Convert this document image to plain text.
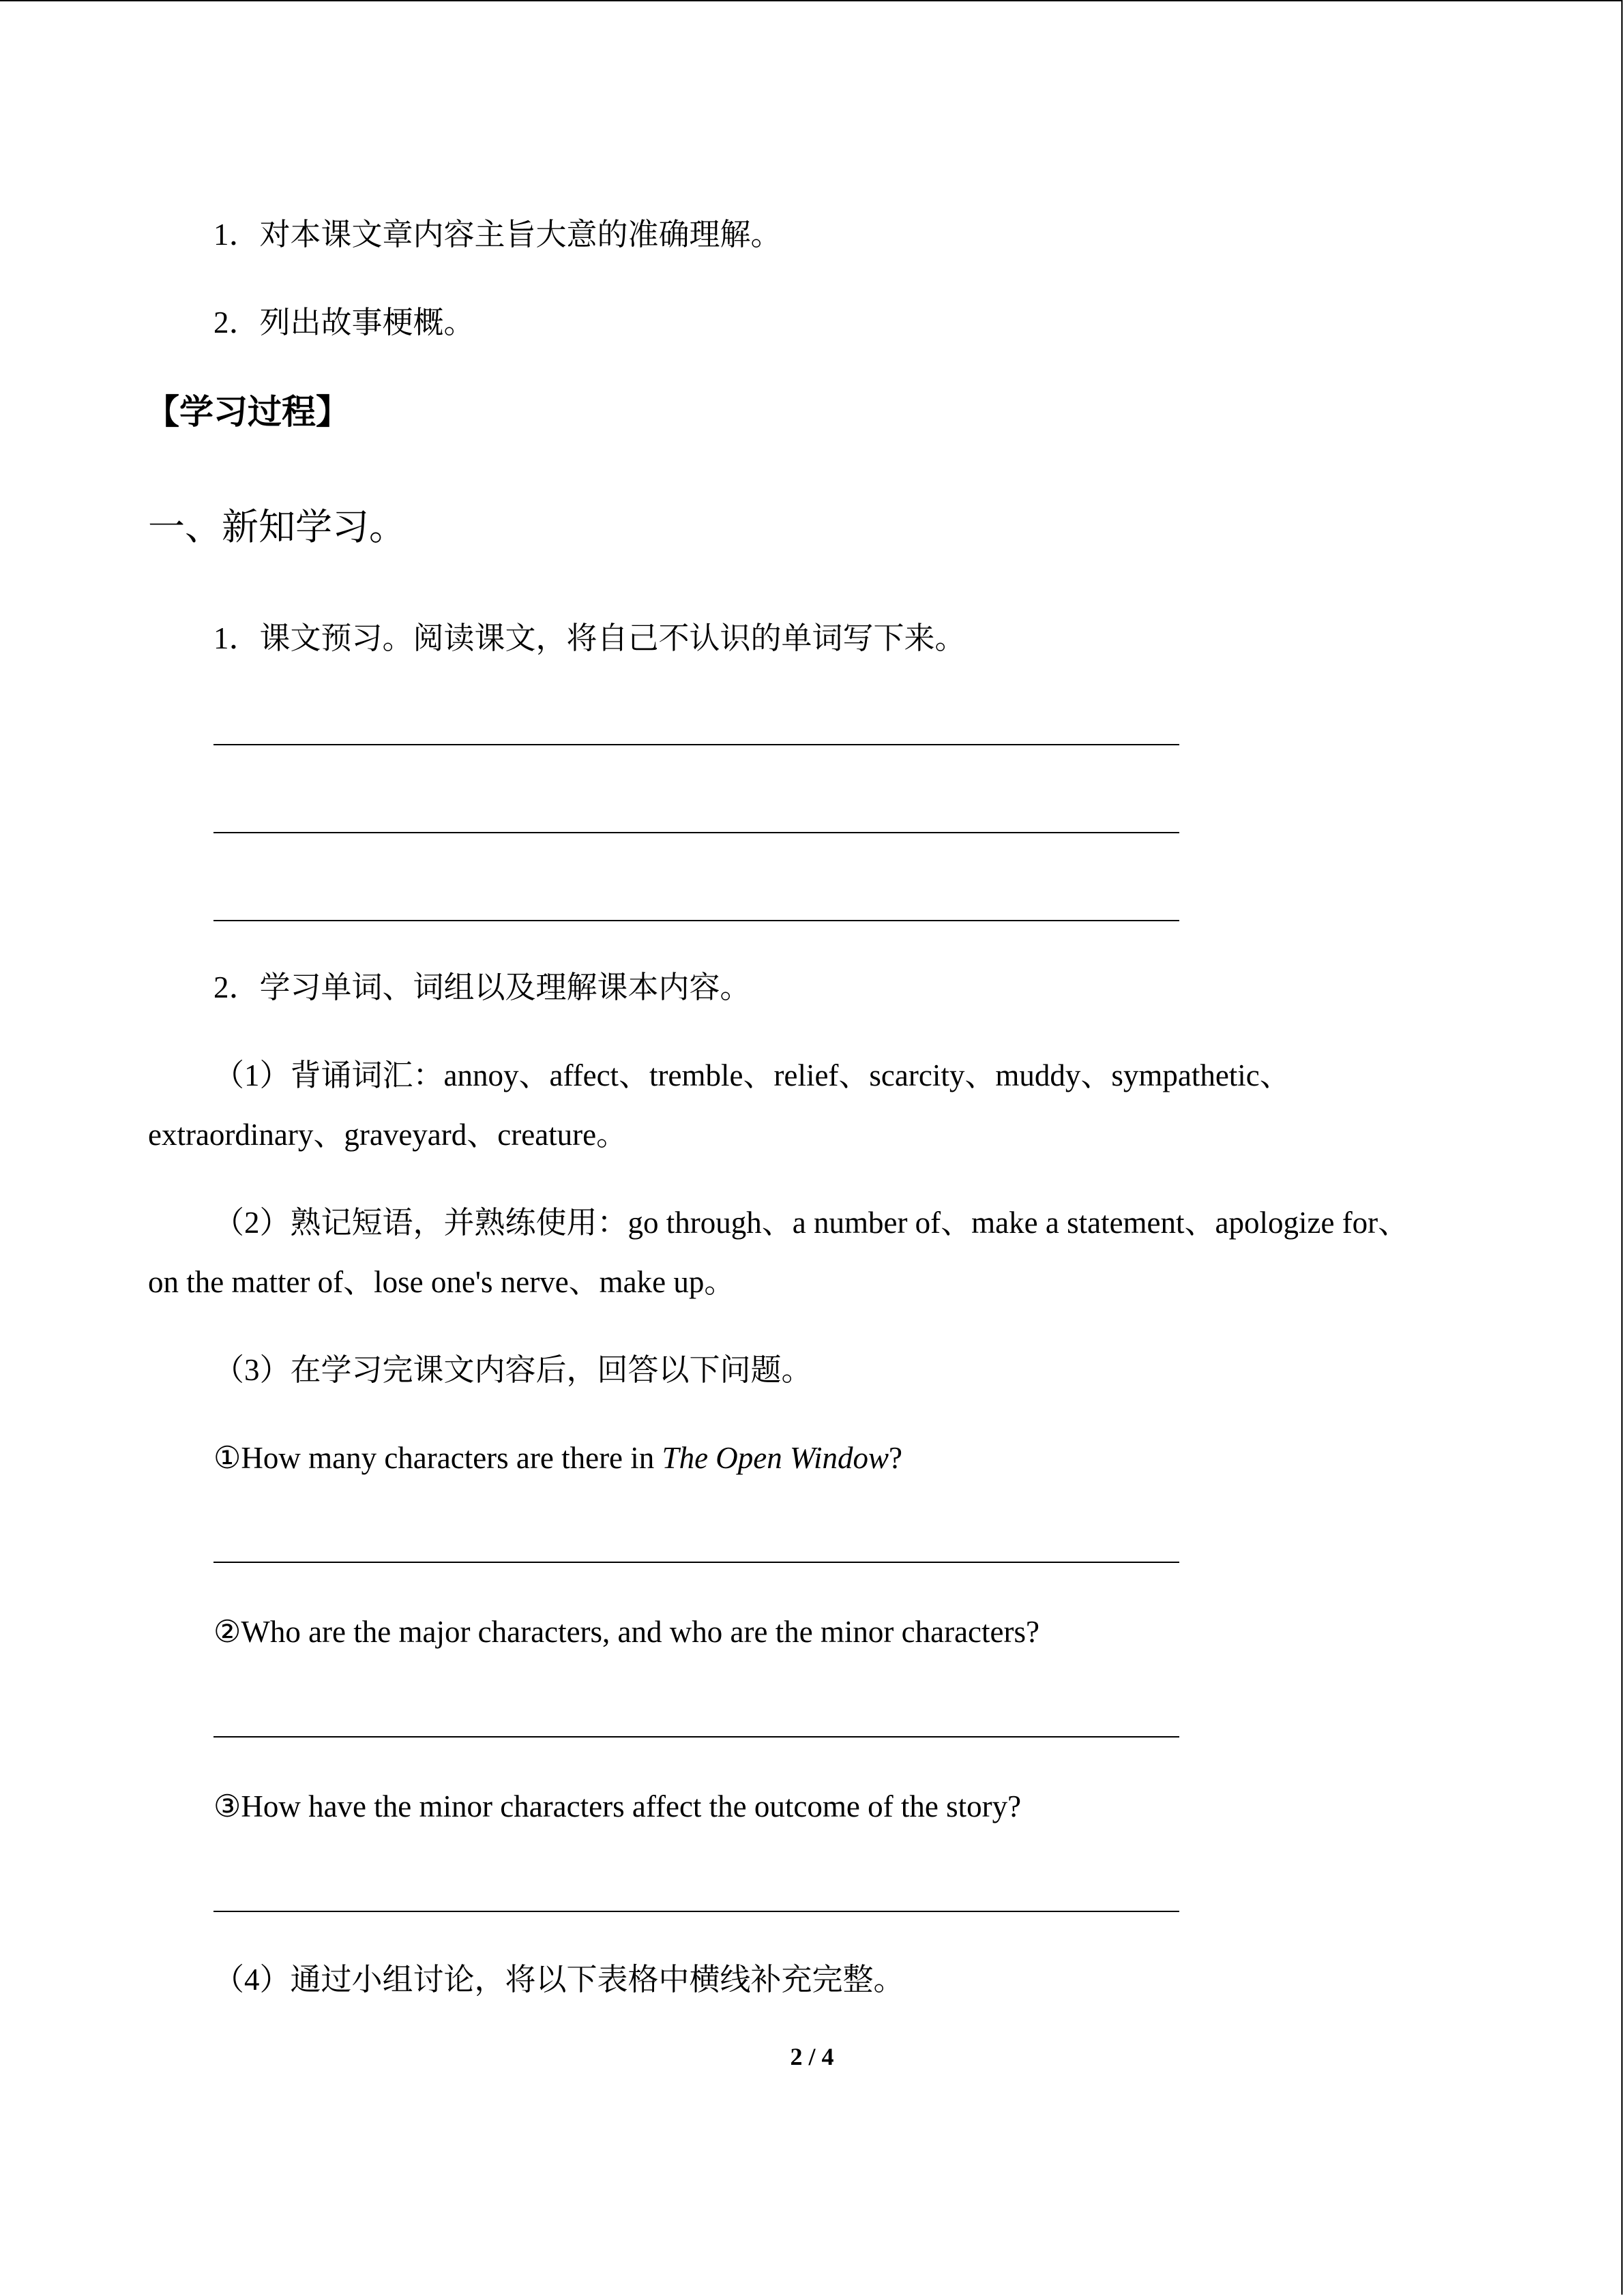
1．对本课文章内容主旨大意的准确理解。
2．列出故事梗概。
【学习过程】
一、新知学习。
1．课文预习。阅读课文，将自己不认识的单词写下来。
2．学习单词、词组以及理解课本内容。
（1）背诵词汇：annoy、affect、tremble、relief、scarcity、muddy、sympathetic、
extraordinary、graveyard、creature。
（2）熟记短语，并熟练使用：go through、a number of、make a statement、apologize for、
on the matter of、lose one's nerve、make up。
（3）在学习完课文内容后，回答以下问题。
①How many characters are there in The Open Window?
②Who are the major characters, and who are the minor characters?
③How have the minor characters affect the outcome of the story?
（4）通过小组讨论，将以下表格中横线补充完整。
2 / 4
